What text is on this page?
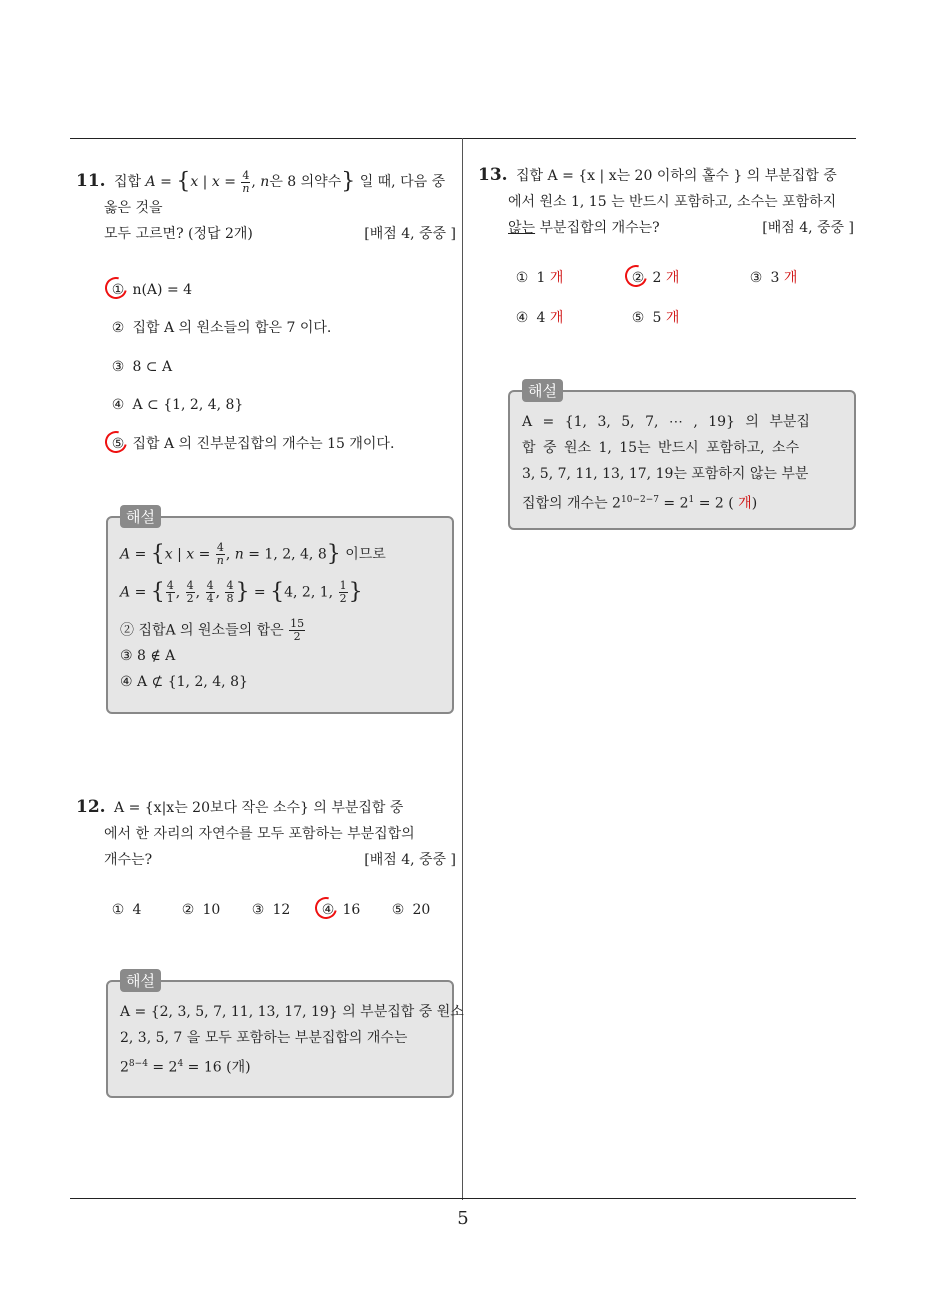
5
11. 집합 A = {x | $x = \frac{4}{n}$ , n은 8 의약수} 일 때, 다음 중
옳은 것을
모두 고르면? (정답 2개)	[배점 4, 중중 ]
① n(A) = 4
② 집합 A 의 원소들의 합은 7 이다.
③ 8 ⊂ A
④ A ⊂ {1, 2, 4, 8}
⑤ 집합 A 의 진부분집합의 개수는 15 개이다.
해설
A = {x | $x = \frac{4}{n}$ , n = 1, 2, 4, 8} 이므로
A = { $\frac{4}{1}$ , $\frac{4}{2}$ , $\frac{4}{4}$ , $\frac{4}{8}$ } = {4, 2, 1, $\frac{1}{2}$ }
② 집합A 의 원소들의 합은 $\frac{15}{2}$
③ 8 ∉ A
④ A ⊄ {1, 2, 4, 8}
12. A = {x|x는 20보다 작은 소수} 의 부분집합 중
에서 한 자리의 자연수를 모두 포함하는 부분집합의
개수는?	[배점 4, 중중 ]
① 4	② 10 ③ 12 ④ 16 ⑤ 20
해설
A = {2, 3, 5, 7, 11, 13, 17, 19} 의 부분집합 중 원소
2, 3, 5, 7 을 모두 포함하는 부분집합의 개수는
$2^{8-4} = 2^4 = 16$ (개)
13. 집합 A = {x | x는 20 이하의 홀수 } 의 부분집합 중
에서 원소 1, 15 는 반드시 포함하고, 소수는 포함하지
않는 부분집합의 개수는?	[배점 4, 중중 ]
① 1 개	② 2 개	③ 3 개
④ 4 개	⑤ 5 개
해설
A = {1, 3, 5, 7, ⋯ , 19} 의 부분집
합 중 원소 1, 15는 반드시 포함하고, 소수
3, 5, 7, 11, 13, 17, 19는 포함하지 않는 부분
집합의 개수는 $2^{10-2-7} = 2^1 = 2$ ( 개)
